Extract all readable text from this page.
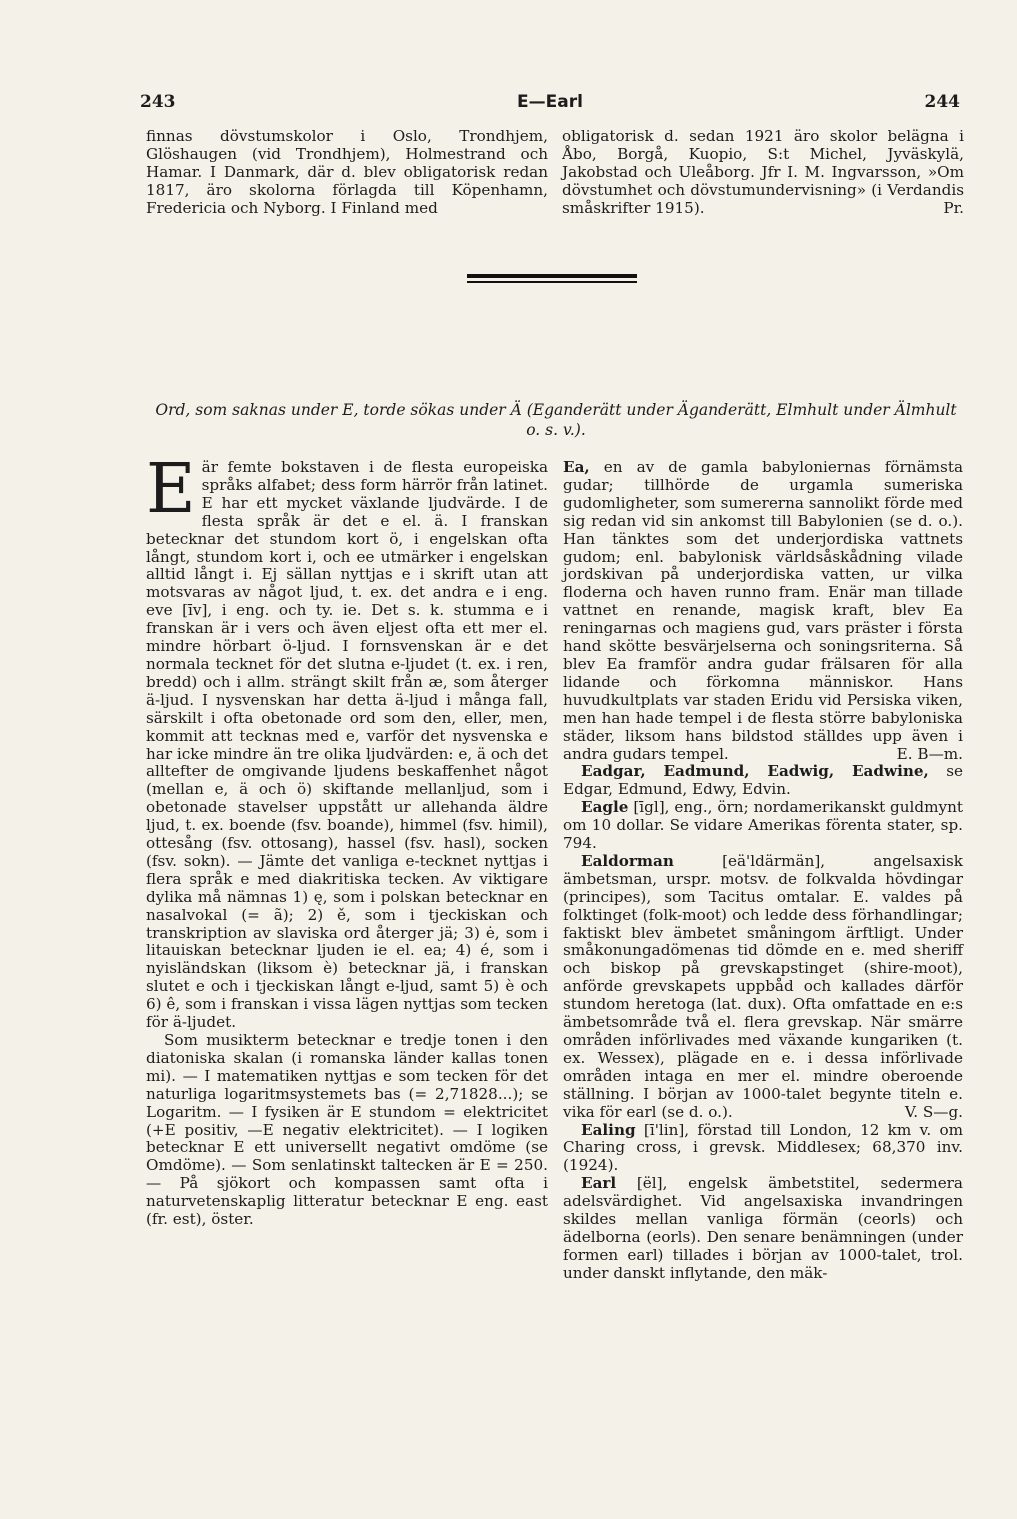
243	E—Earl	244

finnas dövstumskolor i Oslo, Trondhjem, Glöshaugen (vid Trondhjem), Holmestrand och Hamar. I Danmark, där d. blev obligatorisk redan 1817, äro skolorna förlagda till Köpenhamn, Fredericia och Nyborg. I Finland med

obligatorisk d. sedan 1921 äro skolor belägna i Åbo, Borgå, Kuopio, S:t Michel, Jyväskylä, Jakobstad och Uleåborg. Jfr I. M. Ingvarsson, »Om dövstumhet och dövstumundervisning» (i Verdandis småskrifter 1915).	Pr.

Ord, som saknas under E, torde sökas under Ä (Eganderätt under Äganderätt, Elmhult under Älmhult o. s. v.).

Eär femte bokstaven i de flesta europeiska språks alfabet; dess form härrör från latinet. E har ett mycket växlande ljudvärde. I de flesta språk är det e el. ä. I franskan betecknar det stundom kort ö, i engelskan ofta långt, stundom kort i, och ee utmärker i engelskan alltid långt i. Ej sällan nyttjas e i skrift utan att motsvaras av något ljud, t. ex. det andra e i eng. eve [īv], i eng. och ty. ie. Det s. k. stumma e i franskan är i vers och även eljest ofta ett mer el. mindre hörbart ö-ljud. I fornsvenskan är e det normala tecknet för det slutna e-ljudet (t. ex. i ren, bredd) och i allm. strängt skilt från æ, som återger ä-ljud. I nysvenskan har detta ä-ljud i många fall, särskilt i ofta obetonade ord som den, eller, men, kommit att tecknas med e, varför det nysvenska e har icke mindre än tre olika ljudvärden: e, ä och det alltefter de omgivande ljudens beskaffenhet något (mellan e, ä och ö) skiftande mellanljud, som i obetonade stavelser uppstått ur allehanda äldre ljud, t. ex. boende (fsv. boande), himmel (fsv. himil), ottesång (fsv. ottosang), hassel (fsv. hasl), socken (fsv. sokn). — Jämte det vanliga e-tecknet nyttjas i flera språk e med diakritiska tecken. Av viktigare dylika må nämnas 1) ę, som i polskan betecknar en nasalvokal (= ã); 2) ě, som i tjeckiskan och transkription av slaviska ord återger jä; 3) ė, som i litauiskan betecknar ljuden ie el. ea; 4) é, som i nyisländskan (liksom è) betecknar jä, i franskan slutet e och i tjeckiskan långt e-ljud, samt 5) è och 6) ê, som i franskan i vissa lägen nyttjas som tecken för ä-ljudet.

Som musikterm betecknar e tredje tonen i den diatoniska skalan (i romanska länder kallas tonen mi). — I matematiken nyttjas e som tecken för det naturliga logaritmsystemets bas (= 2,71828...); se Logaritm. — I fysiken är E stundom = elektricitet (+E positiv, —E negativ elektricitet). — I logiken betecknar E ett universellt negativt omdöme (se Omdöme). — Som senlatinskt taltecken är E = 250. — På sjökort och kompassen samt ofta i naturvetenskaplig litteratur betecknar E eng. east (fr. est), öster.

Ea, en av de gamla babyloniernas förnämsta gudar; tillhörde de urgamla sumeriska gudomligheter, som sumererna sannolikt förde med sig redan vid sin ankomst till Babylonien (se d. o.). Han tänktes som det underjordiska vattnets gudom; enl. babylonisk världsåskådning vilade jordskivan på underjordiska vatten, ur vilka floderna och haven runno fram. Enär man tillade vattnet en renande, magisk kraft, blev Ea reningarnas och magiens gud, vars präster i första hand skötte besvärjelserna och soningsriterna. Så blev Ea framför andra gudar frälsaren för alla lidande och förkomna människor. Hans huvudkultplats var staden Eridu vid Persiska viken, men han hade tempel i de flesta större babyloniska städer, liksom hans bildstod ställdes upp även i andra gudars tempel.	E. B—m.

Eadgar, Eadmund, Eadwig, Eadwine, se Edgar, Edmund, Edwy, Edvin.

Eagle [īgl], eng., örn; nordamerikanskt guldmynt om 10 dollar. Se vidare Amerikas förenta stater, sp. 794.

Ealdorman	[eä'ldärmän], angelsaxisk ämbetsman, urspr. motsv. de folkvalda hövdingar (principes), som Tacitus omtalar. E. valdes på folktinget (folk-moot) och ledde dess förhandlingar; faktiskt blev ämbetet småningom ärftligt. Under småkonungadömenas tid dömde en e. med sheriff och biskop på grevskapstinget (shire-moot), anförde grevskapets uppbåd och kallades därför stundom heretoga (lat. dux). Ofta omfattade en e:s ämbetsområde två el. flera grevskap. När smärre områden införlivades med växande kungariken (t. ex. Wessex), plägade en e. i dessa införlivade områden intaga en mer el. mindre oberoende ställning. I början av 1000-talet begynte titeln e. vika för earl (se d. o.).	V. S—g.

Ealing [ī'lin], förstad till London, 12 km v. om Charing cross, i grevsk. Middlesex; 68,370 inv. (1924).

Earl [ël], engelsk ämbetstitel, sedermera adelsvärdighet. Vid angelsaxiska invandringen skildes mellan vanliga förmän (ceorls) och ädelborna (eorls). Den senare benämningen (under formen earl) tillades i början av 1000-talet, trol. under danskt inflytande, den mäk-
